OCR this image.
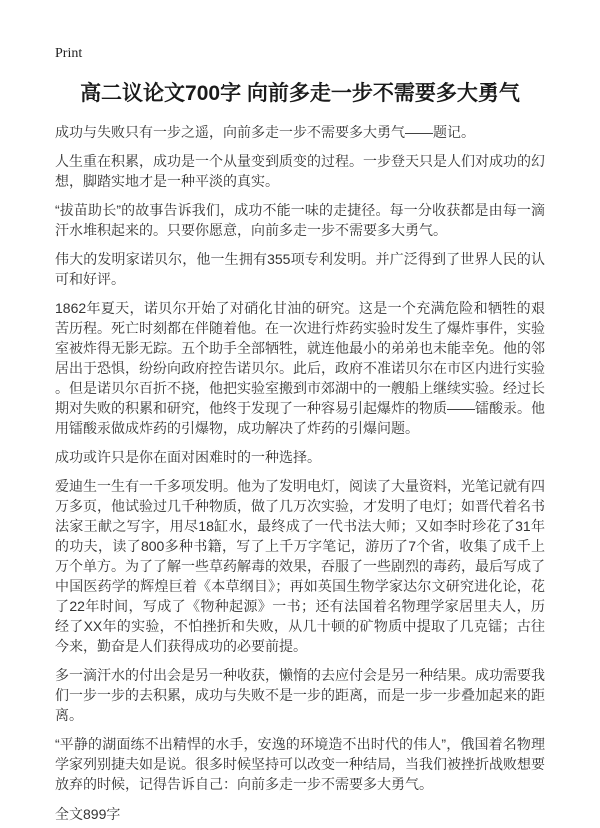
Print
高二议论文700字 向前多走一步不需要多大勇气

成功与失败只有一步之遥，向前多走一步不需要多大勇气——题记。

人生重在积累，成功是一个从量变到质变的过程。一步登天只是人们对成功的幻想，脚踏实地才是一种平淡的真实。

“拔苗助长”的故事告诉我们，成功不能一味的走捷径。每一分收获都是由每一滴汗水堆积起来的。只要你愿意，向前多走一步不需要多大勇气。

伟大的发明家诺贝尔，他一生拥有355项专利发明。并广泛得到了世界人民的认可和好评。

1862年夏天，诺贝尔开始了对硝化甘油的研究。这是一个充满危险和牺牲的艰苦历程。死亡时刻都在伴随着他。在一次进行炸药实验时发生了爆炸事件，实验室被炸得无影无踪。五个助手全部牺牲，就连他最小的弟弟也未能幸免。他的邻居出于恐惧，纷纷向政府控告诺贝尔。此后，政府不准诺贝尔在市区内进行实验。但是诺贝尔百折不挠，他把实验室搬到市郊湖中的一艘船上继续实验。经过长期对失败的积累和研究，他终于发现了一种容易引起爆炸的物质——镭酸汞。他用镭酸汞做成炸药的引爆物，成功解决了炸药的引爆问题。

成功或许只是你在面对困难时的一种选择。

爱迪生一生有一千多项发明。他为了发明电灯，阅读了大量资料，光笔记就有四万多页，他试验过几千种物质，做了几万次实验，才发明了电灯；如晋代着名书法家王献之写字，用尽18缸水，最终成了一代书法大师；又如李时珍花了31年的功夫，读了800多种书籍，写了上千万字笔记，游历了7个省，收集了成千上万个单方。为了了解一些草药解毒的效果，吞服了一些剧烈的毒药，最后写成了中国医药学的辉煌巨着《本草纲目》；再如英国生物学家达尔文研究进化论，花了22年时间，写成了《物种起源》一书；还有法国着名物理学家居里夫人，历经了XX年的实验，不怕挫折和失败，从几十顿的矿物质中提取了几克镭；古往今来，勤奋是人们获得成功的必要前提。

多一滴汗水的付出会是另一种收获，懒惰的去应付会是另一种结果。成功需要我们一步一步的去积累，成功与失败不是一步的距离，而是一步一步叠加起来的距离。

“平静的湖面练不出精悍的水手，安逸的环境造不出时代的伟人”，俄国着名物理学家列别捷夫如是说。很多时候坚持可以改变一种结局，当我们被挫折战败想要放弃的时候，记得告诉自己：向前多走一步不需要多大勇气。

全文899字
